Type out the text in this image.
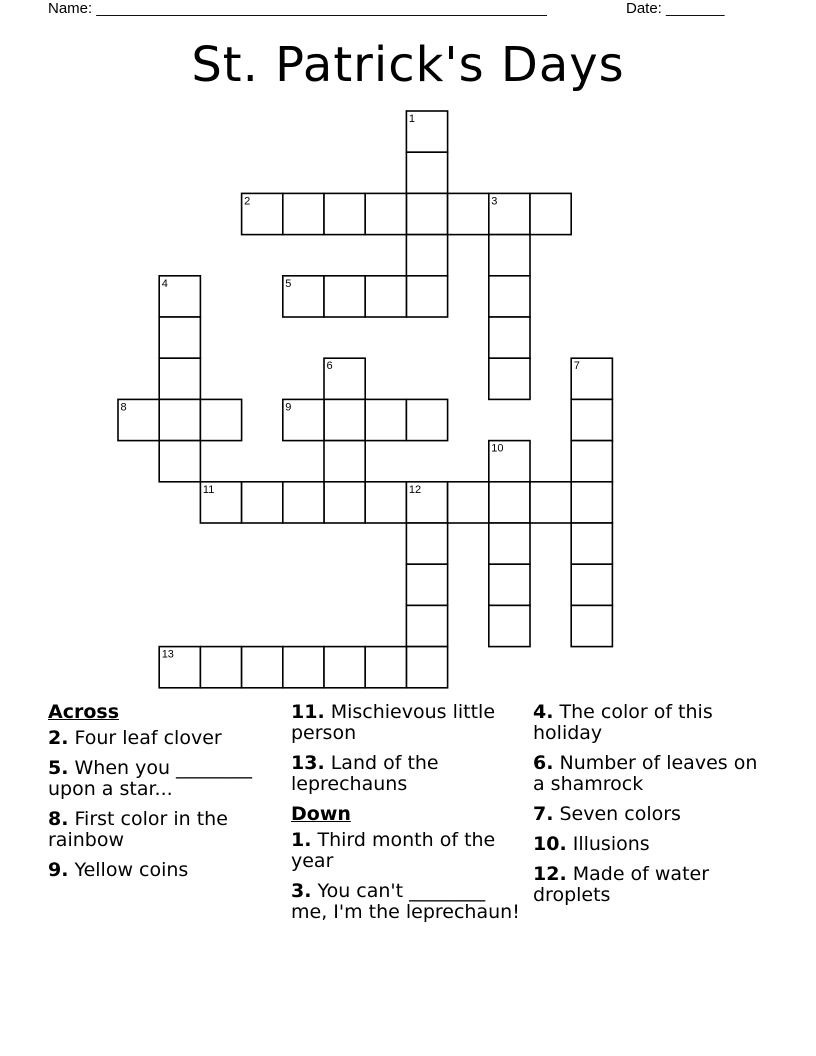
Name: ______________________________________________________	Date: _______
St. Patrick's Days
1
2	3
4	5
6	7
8	9
10
11	12
13
Across
2. Four leaf clover
5. When you ________ upon a star...
8. First color in the rainbow
9. Yellow coins
11. Mischievous little person
13. Land of the leprechauns
Down
1. Third month of the year
3. You can't ________ me, I'm the leprechaun!
4. The color of this holiday
6. Number of leaves on a shamrock
7. Seven colors
10. Illusions
12. Made of water droplets
